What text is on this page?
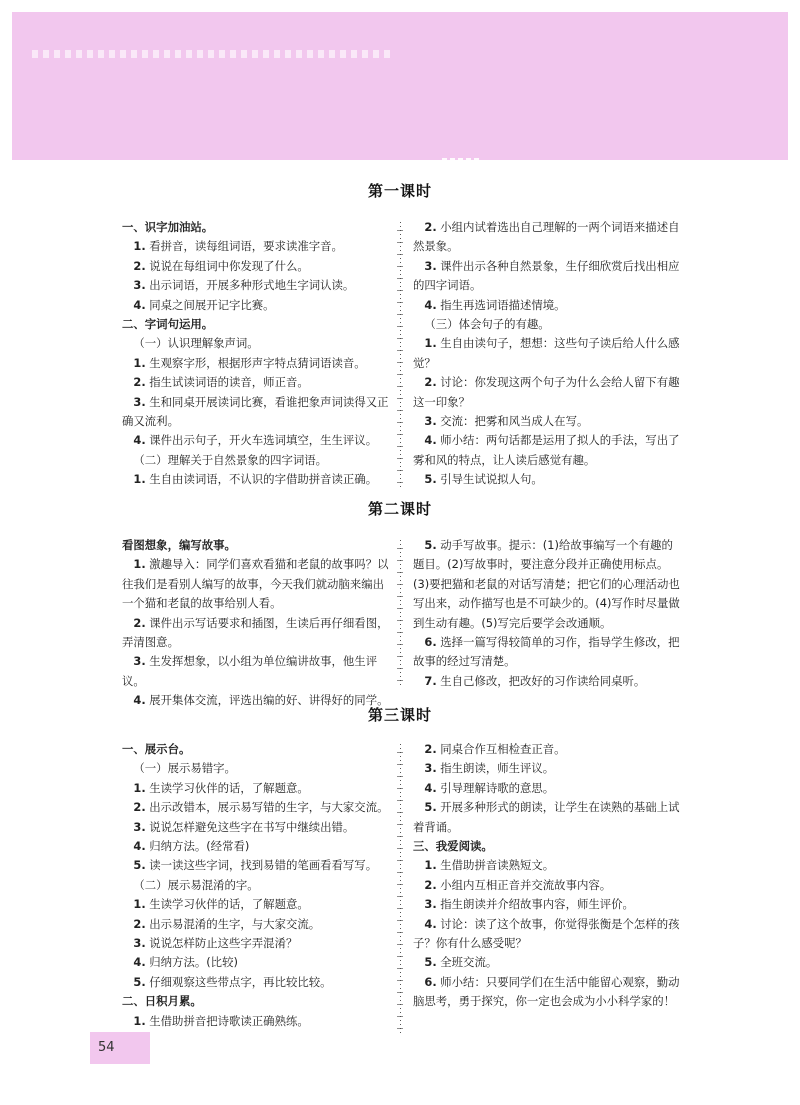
第一课时

一、识字加油站。

1. 看拼音，读每组词语，要求读准字音。

2. 说说在每组词中你发现了什么。

3. 出示词语，开展多种形式地生字词认读。

4. 同桌之间展开记字比赛。

二、字词句运用。

（一）认识理解象声词。

1. 生观察字形，根据形声字特点猜词语读音。

2. 指生试读词语的读音，师正音。

3. 生和同桌开展读词比赛，看谁把象声词读得又正确又流利。

4. 课件出示句子，开火车选词填空，生生评议。

（二）理解关于自然景象的四字词语。

1. 生自由读词语，不认识的字借助拼音读正确。

2. 小组内试着选出自己理解的一两个词语来描述自然景象。

3. 课件出示各种自然景象，生仔细欣赏后找出相应的四字词语。

4. 指生再选词语描述情境。

（三）体会句子的有趣。

1. 生自由读句子，想想：这些句子读后给人什么感觉？

2. 讨论：你发现这两个句子为什么会给人留下有趣这一印象？

3. 交流：把雾和风当成人在写。

4. 师小结：两句话都是运用了拟人的手法，写出了雾和风的特点，让人读后感觉有趣。

5. 引导生试说拟人句。

第二课时

看图想象，编写故事。

1. 激趣导入：同学们喜欢看猫和老鼠的故事吗？以往我们是看别人编写的故事，今天我们就动脑来编出一个猫和老鼠的故事给别人看。

2. 课件出示写话要求和插图，生读后再仔细看图，弄清图意。

3. 生发挥想象，以小组为单位编讲故事，他生评议。

4. 展开集体交流，评选出编的好、讲得好的同学。

5. 动手写故事。提示：(1)给故事编写一个有趣的题目。(2)写故事时，要注意分段并正确使用标点。(3)要把猫和老鼠的对话写清楚；把它们的心理活动也写出来，动作描写也是不可缺少的。(4)写作时尽量做到生动有趣。(5)写完后要学会改通顺。

6. 选择一篇写得较简单的习作，指导学生修改，把故事的经过写清楚。

7. 生自己修改，把改好的习作读给同桌听。

第三课时

一、展示台。

（一）展示易错字。

1. 生读学习伙伴的话，了解题意。

2. 出示改错本，展示易写错的生字，与大家交流。

3. 说说怎样避免这些字在书写中继续出错。

4. 归纳方法。(经常看)

5. 读一读这些字词，找到易错的笔画看看写写。

（二）展示易混淆的字。

1. 生读学习伙伴的话，了解题意。

2. 出示易混淆的生字，与大家交流。

3. 说说怎样防止这些字弄混淆？

4. 归纳方法。(比较)

5. 仔细观察这些带点字，再比较比较。

二、日积月累。

1. 生借助拼音把诗歌读正确熟练。

2. 同桌合作互相检查正音。

3. 指生朗读，师生评议。

4. 引导理解诗歌的意思。

5. 开展多种形式的朗读，让学生在读熟的基础上试着背诵。

三、我爱阅读。

1. 生借助拼音读熟短文。

2. 小组内互相正音并交流故事内容。

3. 指生朗读并介绍故事内容，师生评价。

4. 讨论：读了这个故事，你觉得张衡是个怎样的孩子？你有什么感受呢？

5. 全班交流。

6. 师小结：只要同学们在生活中能留心观察，勤动脑思考，勇于探究，你一定也会成为小小科学家的！

54
